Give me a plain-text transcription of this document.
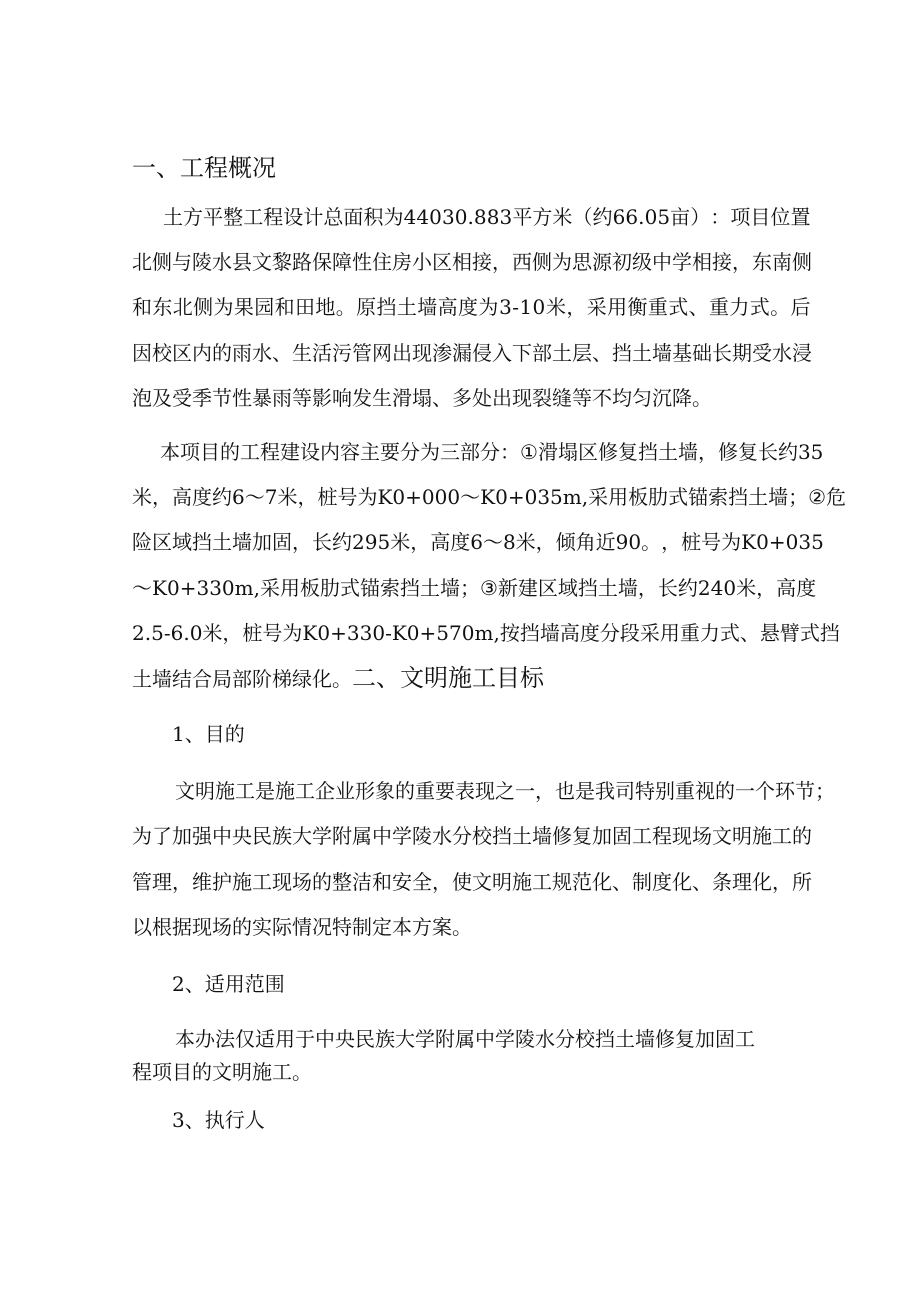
一、工程概况
土 方 平 整 工 程 设 计 总 面 积 为 4 4 0 3 0 . 8 8 3 平 方 米 （ 约 6 6 . 0 5 亩 ） ： 项 目 位 置
北 侧 与 陵 水 县 文 黎 路 保 障 性 住 房 小 区 相 接 ， 西 侧 为 思 源 初 级 中 学 相 接 ， 东 南 侧
和 东 北 侧 为 果 园 和 田 地 。 原 挡 土 墙 高 度 为 3 - 1 0 米 ， 采 用 衡 重 式 、 重 力 式 。 后
因 校 区 内 的 雨 水 、 生 活 污 管 网 出 现 渗 漏 侵 入 下 部 土 层 、 挡 土 墙 基 础 长 期 受 水 浸
泡及受季节性暴雨等影响发生滑塌、多处出现裂缝等不均匀沉降。
本 项 目 的 工 程 建 设 内 容 主 要 分 为 三 部 分 ： ① 滑 塌 区 修 复 挡 土 墙 ， 修 复 长 约 3 5
米 ， 高 度 约 6 ～ 7 米 ， 桩 号 为 K 0 + 0 0 0 ～ K 0 + 0 3 5 m , 采 用 板 肋 式 锚 索 挡 土 墙 ； ② 危
险 区 域 挡 土 墙 加 固 ， 长 约 2 9 5 米 ， 高 度 6 ～ 8 米 ， 倾 角 近 9 0 。 ， 桩 号 为 K 0 + 0 3 5
～ K 0 + 3 3 0 m , 采 用 板 肋 式 锚 索 挡 土 墙 ； ③ 新 建 区 域 挡 土 墙 ， 长 约 2 4 0 米 ， 高 度
2 . 5 - 6 . 0 米 ， 桩 号 为 K 0 + 3 3 0 - K 0 + 5 7 0 m , 按 挡 墙 高 度 分 段 采 用 重 力 式 、 悬 臂 式 挡
土墙结合局部阶梯绿化。二、文明施工目标
1、目的
文 明 施 工 是 施 工 企 业 形 象 的 重 要 表 现 之 一 ， 也 是 我 司 特 别 重 视 的 一 个 环 节 ；
为 了 加 强 中 央 民 族 大 学 附 属 中 学 陵 水 分 校 挡 土 墙 修 复 加 固 工 程 现 场 文 明 施 工 的
管 理 ， 维 护 施 工 现 场 的 整 洁 和 安 全 ， 使 文 明 施 工 规 范 化 、 制 度 化 、 条 理 化 ， 所
以根据现场的实际情况特制定本方案。
2、适用范围
本办法仅适用于中央民族大学附属中学陵水分校挡土墙修复加固工
程项目的文明施工。
3、执行人
